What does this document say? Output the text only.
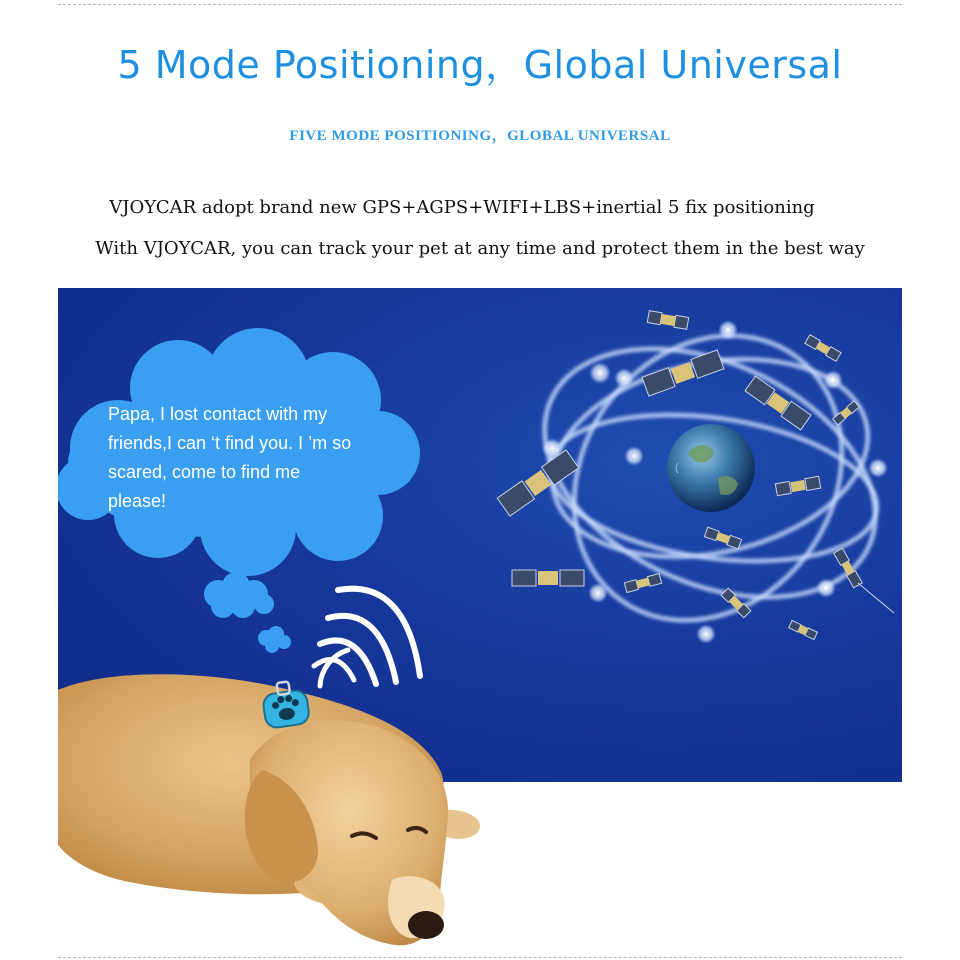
5 Mode Positioning，Global Universal
FIVE MODE POSITIONING，GLOBAL UNIVERSAL
VJOYCAR adopt brand new GPS+AGPS+WIFI+LBS+inertial 5 fix positioning
With VJOYCAR, you can track your pet at any time and protect them in the best way
Papa, I lost contact with my
friends,I can ‘t find you. I ’m so
scared, come to find me
please!
